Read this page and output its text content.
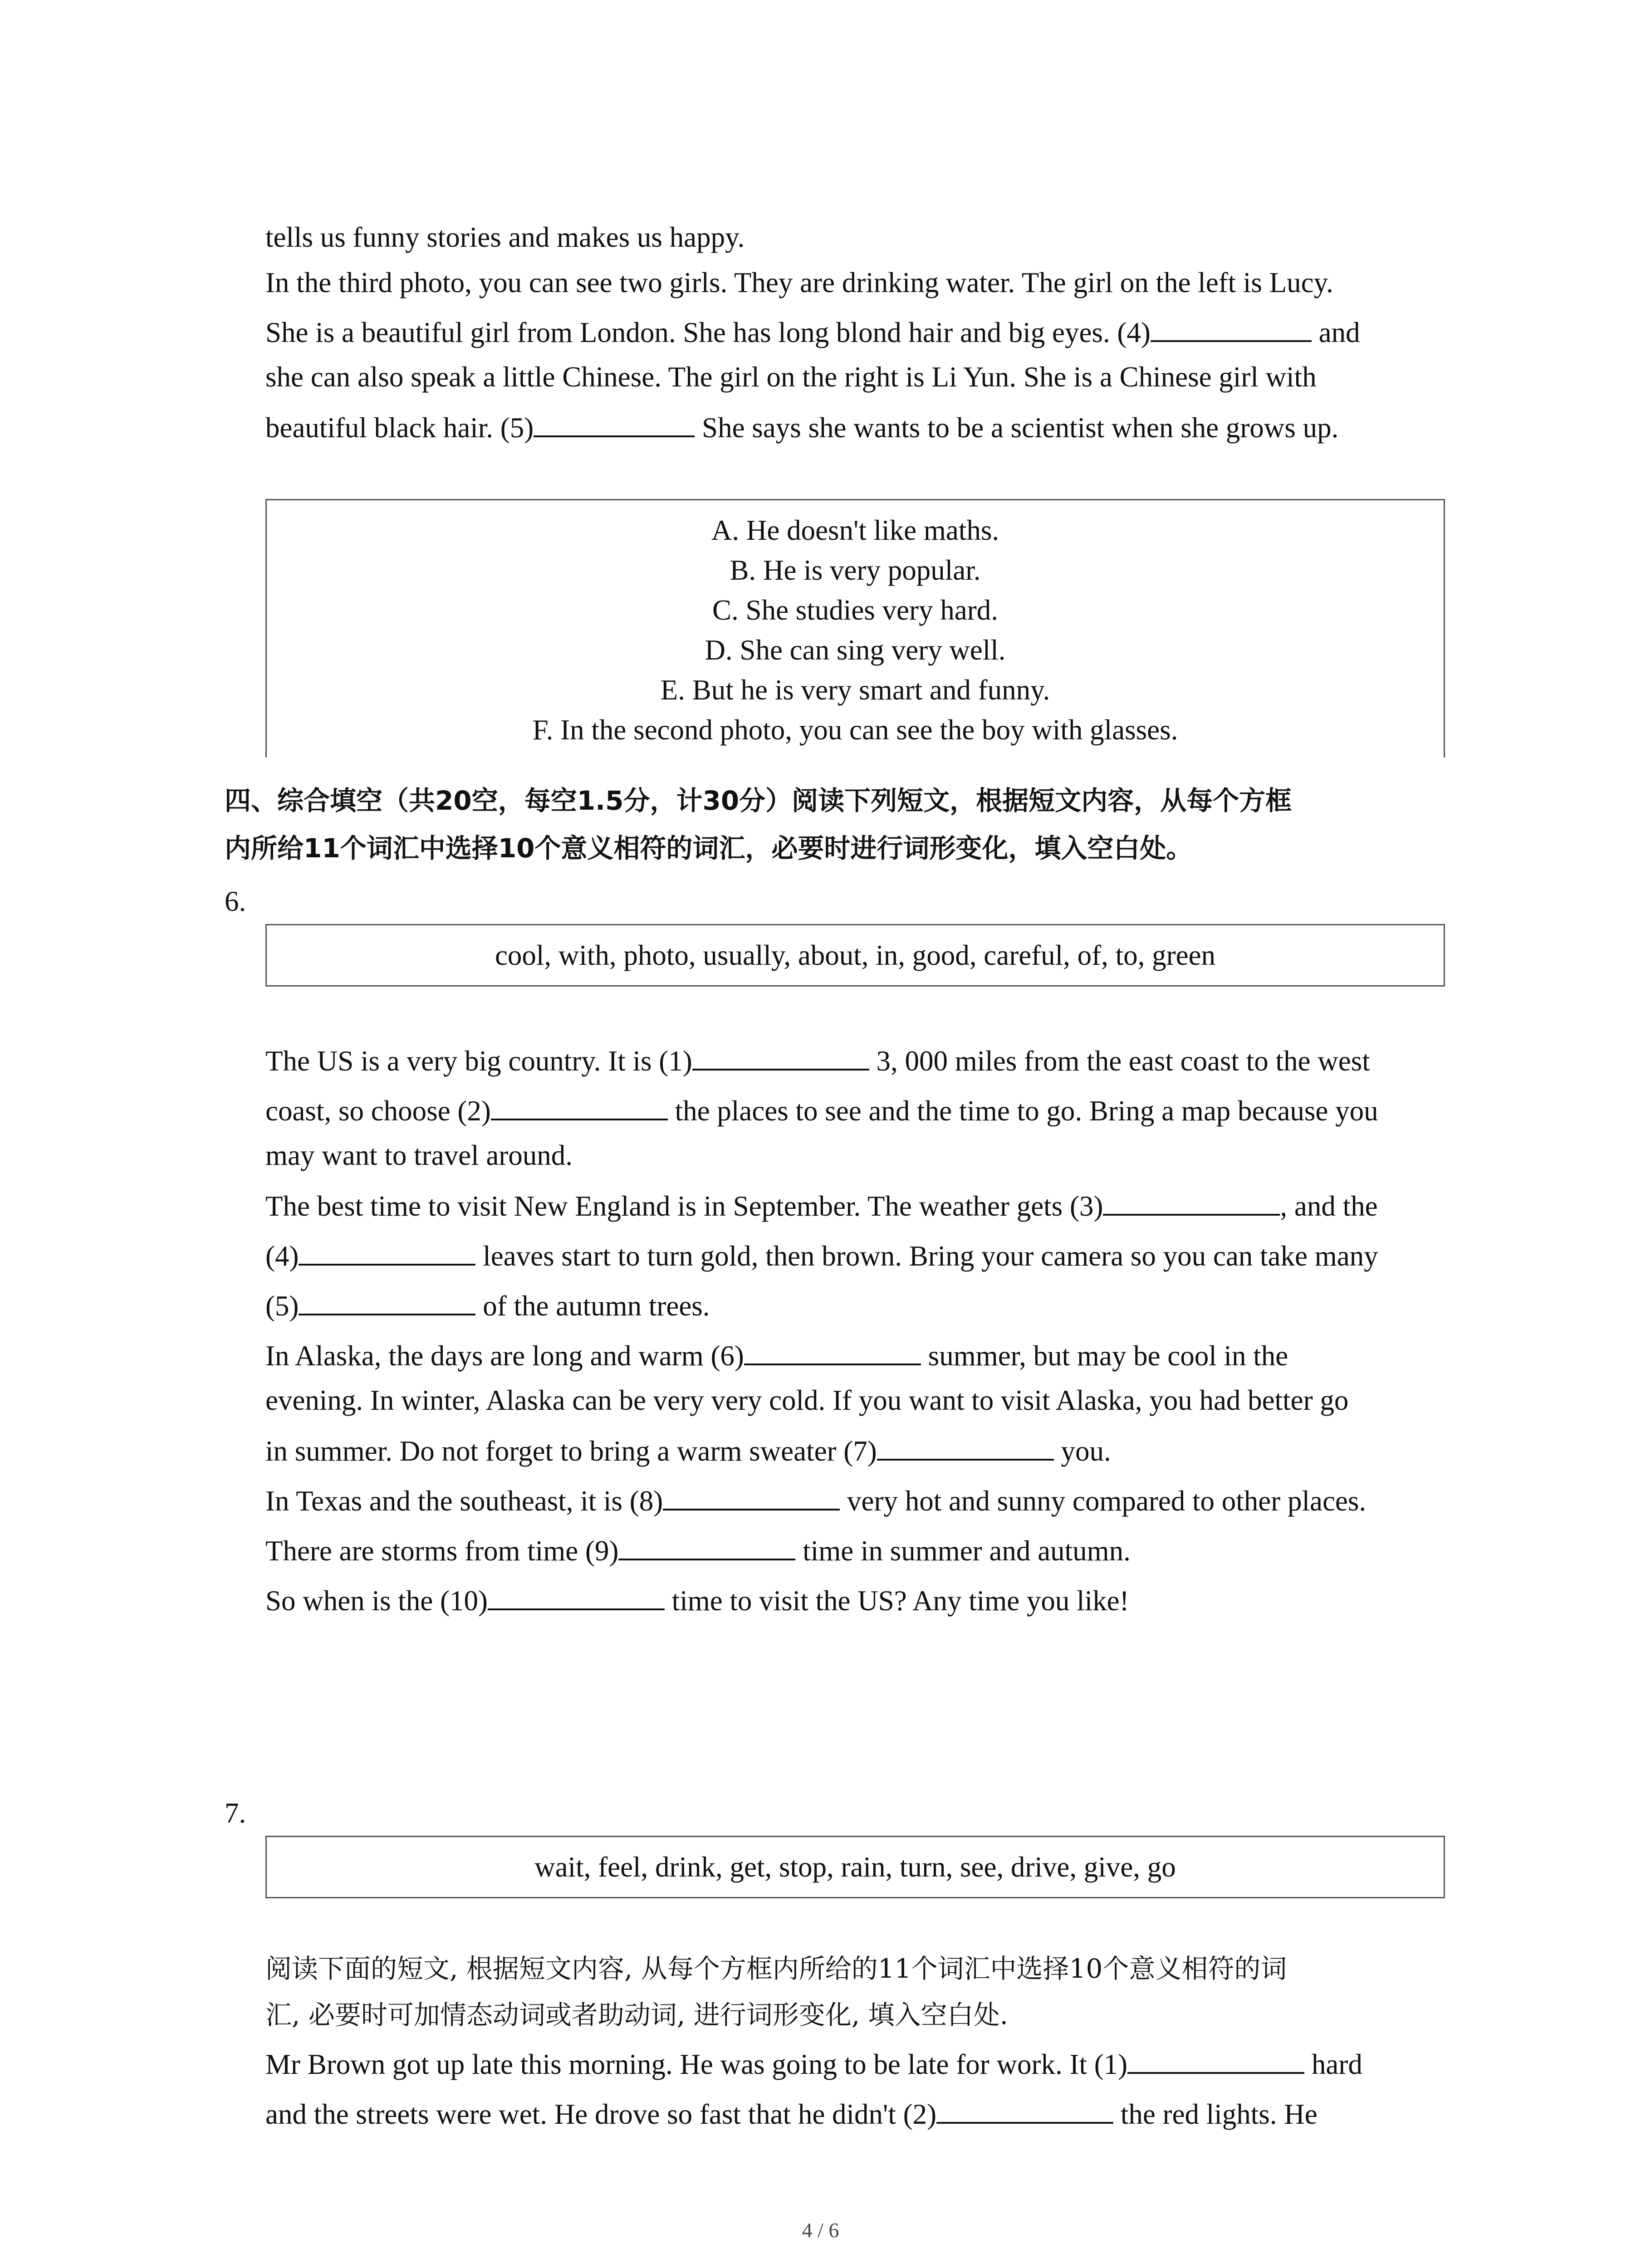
tells us funny stories and makes us happy.
In the third photo, you can see two girls. They are drinking water. The girl on the left is Lucy.
She is a beautiful girl from London. She has long blond hair and big eyes. (4)	and
she can also speak a little Chinese. The girl on the right is Li Yun. She is a Chinese girl with
beautiful black hair. (5)	She says she wants to be a scientist when she grows up.
A. He doesn't like maths.
B. He is very popular.
C. She studies very hard.
D. She can sing very well.
E. But he is very smart and funny.
F. In the second photo, you can see the boy with glasses.
四、综合填空（共20空，每空1.5分，计30分）阅读下列短文，根据短文内容，从每个方框
内所给11个词汇中选择10个意义相符的词汇，必要时进行词形变化，填入空白处。
6.
cool, with, photo, usually, about, in, good, careful, of, to, green
The US is a very big country. It is (1)	3, 000 miles from the east coast to the west
coast, so choose (2)	the places to see and the time to go. Bring a map because you
may want to travel around.
The best time to visit New England is in September. The weather gets (3)	, and the
(4)	leaves start to turn gold, then brown. Bring your camera so you can take many
(5)	of the autumn trees.
In Alaska, the days are long and warm (6)	summer, but may be cool in the
evening. In winter, Alaska can be very very cold. If you want to visit Alaska, you had better go
in summer. Do not forget to bring a warm sweater (7)	you.
In Texas and the southeast, it is (8)	very hot and sunny compared to other places.
There are storms from time (9)	time in summer and autumn.
So when is the (10)	time to visit the US? Any time you like!
7.
wait, feel, drink, get, stop, rain, turn, see, drive, give, go
阅读下面的短文, 根据短文内容, 从每个方框内所给的11个词汇中选择10个意义相符的词
汇, 必要时可加情态动词或者助动词, 进行词形变化, 填入空白处.
Mr Brown got up late this morning. He was going to be late for work. It (1)	hard
and the streets were wet. He drove so fast that he didn't (2)	the red lights. He
4 / 6
